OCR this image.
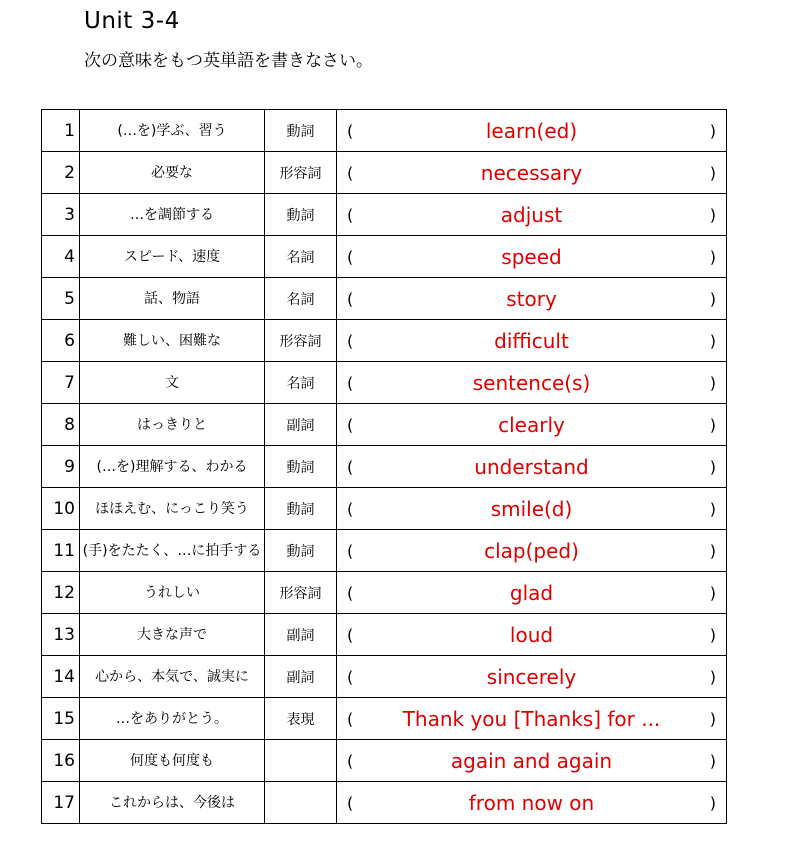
Unit 3-4
次の意味をもつ英単語を書きなさい。
1	(…を)学ぶ、習う	動詞	( learn(ed) )

2	必要な	形容詞	( necessary )

3	…を調節する	動詞	( adjust )

4	スピード、速度	名詞	( speed )

5	話、物語	名詞	( story )

6	難しい、困難な	形容詞	( difficult )

7	文	名詞	( sentence(s) )

8	はっきりと	副詞	( clearly )

9	(…を)理解する、わかる	動詞	( understand )

10	ほほえむ、にっこり笑う	動詞	( smile(d) )

11	(手)をたたく、…に拍手する	動詞	( clap(ped) )

12	うれしい	形容詞	( glad )

13	大きな声で	副詞	( loud )

14	心から、本気で、誠実に	副詞	( sincerely )

15	…をありがとう。	表現	( Thank you [Thanks] for ... )

16	何度も何度も		( again and again )

17	これからは、今後は		( from now on )
